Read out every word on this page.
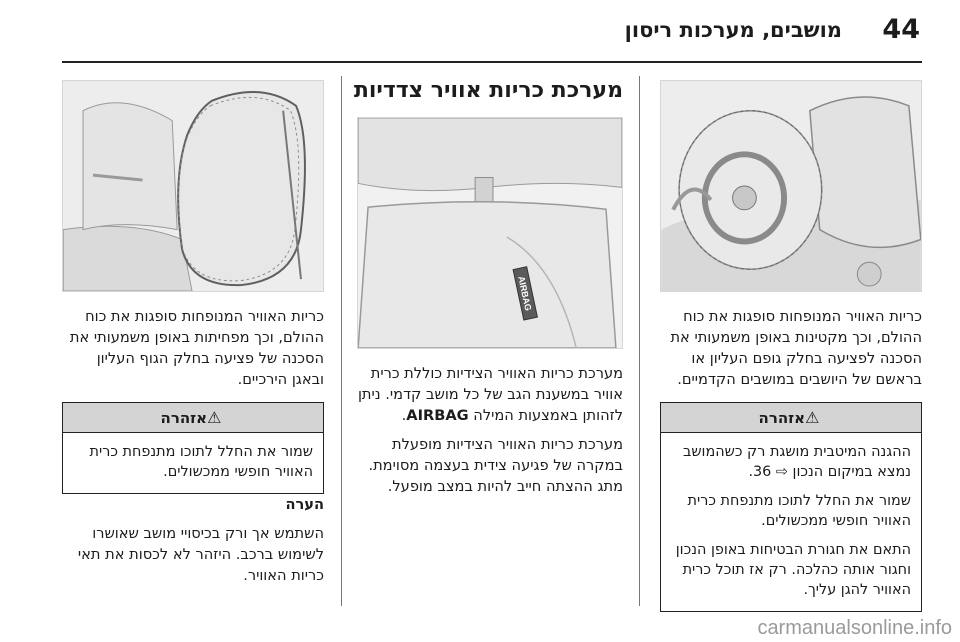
44
מושבים, מערכות ריסון

כריות האוויר המנופחות סופגות את כוח ההולם, וכך מקטינות באופן משמעותי את הסכנה לפציעה בחלק גופם העליון או בראשם של היושבים במושבים הקדמיים.

⚠אזהרה

ההגנה המיטבית מושגת רק כשהמושב נמצא במיקום הנכון ⇨ 36.

שמור את החלל לתוכו מתנפחת כרית האוויר חופשי ממכשולים.

התאם את חגורת הבטיחות באופן הנכון וחגור אותה כהלכה. רק אז תוכל כרית האוויר להגן עליך.

מערכת כריות אוויר צדדיות
AIRBAG

מערכת כריות האוויר הצידיות כוללת כרית אוויר במשענת הגב של כל מושב קדמי. ניתן לזהותן באמצעות המילה AIRBAG.

מערכת כריות האוויר הצידיות מופעלת במקרה של פגיעה צידית בעצמה מסוימת. מתג ההצתה חייב להיות במצב מופעל.

כריות האוויר המנופחות סופגות את כוח ההולם, וכך מפחיתות באופן משמעותי את הסכנה של פציעה בחלק הגוף העליון ובאגן הירכיים.

⚠אזהרה

שמור את החלל לתוכו מתנפחת כרית האוויר חופשי ממכשולים.

הערה

השתמש אך ורק בכיסויי מושב שאושרו לשימוש ברכב. היזהר לא לכסות את תאי כריות האוויר.

carmanualsonline.info
